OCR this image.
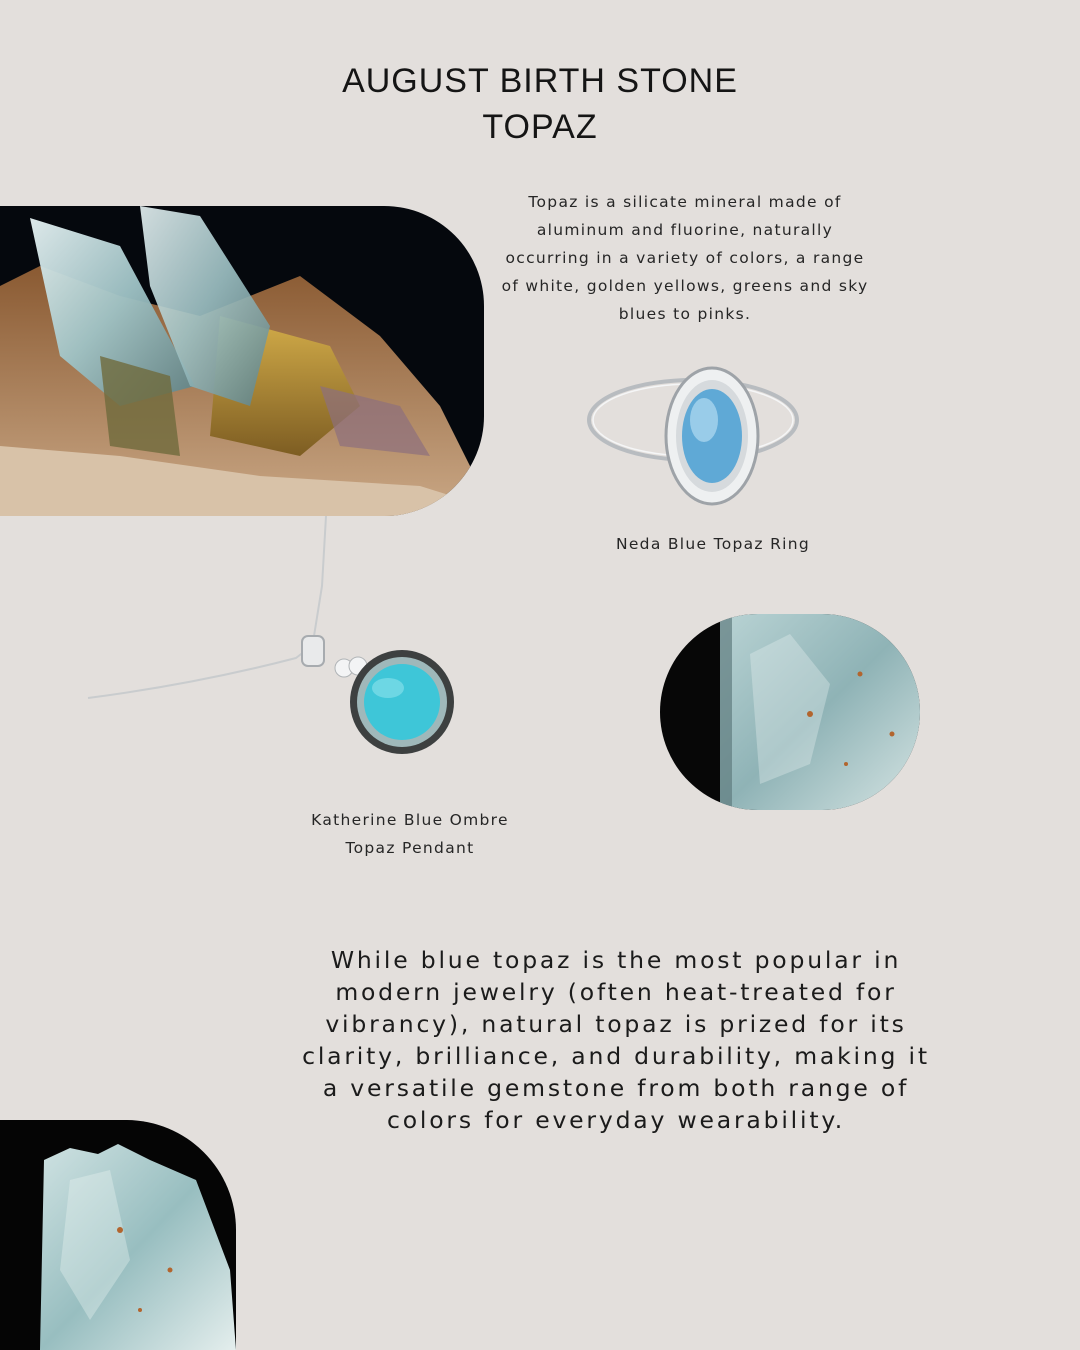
AUGUST BIRTH STONE
TOPAZ

Topaz is a silicate mineral made of aluminum and fluorine, naturally occurring in a variety of colors, a range of white, golden yellows, greens and sky blues to pinks.

Neda Blue Topaz Ring

Katherine Blue Ombre
Topaz Pendant

While blue topaz is the most popular in modern jewelry (often heat-treated for vibrancy), natural topaz is prized for its clarity, brilliance, and durability, making it a versatile gemstone from both range of colors for everyday wearability.
